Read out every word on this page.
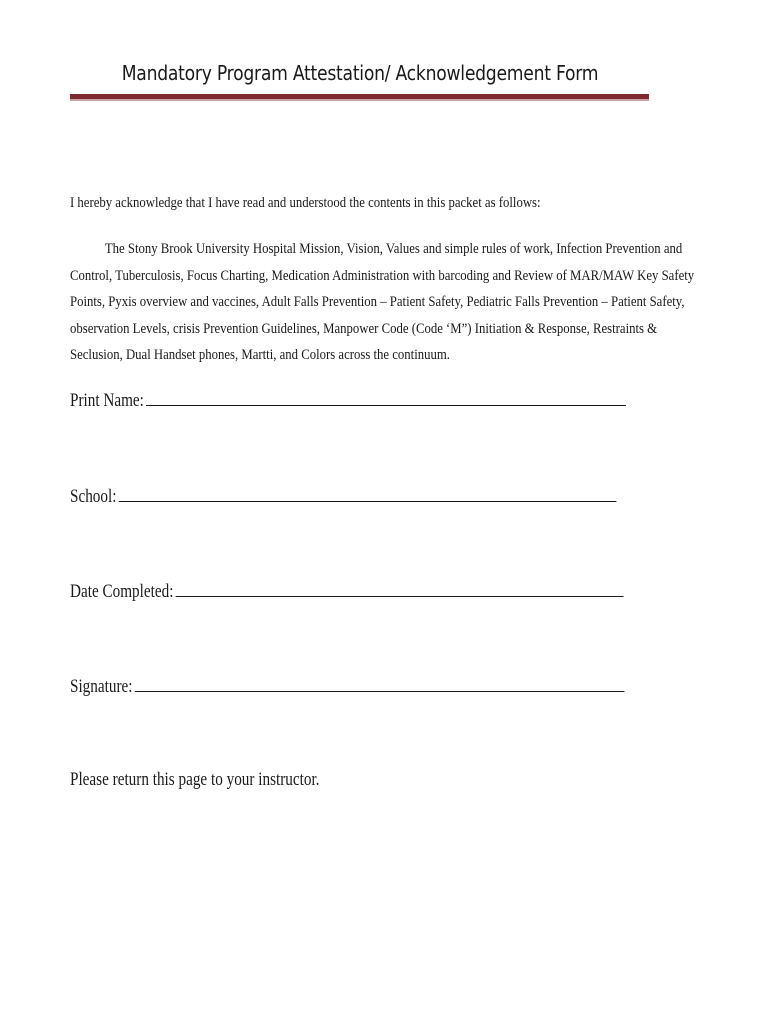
Mandatory Program Attestation/ Acknowledgement Form
I hereby acknowledge that I have read and understood the contents in this packet as follows:
The Stony Brook University Hospital Mission, Vision, Values and simple rules of work, Infection Prevention and
Control, Tuberculosis, Focus Charting, Medication Administration with barcoding and Review of MAR/MAW Key Safety
Points, Pyxis overview and vaccines, Adult Falls Prevention – Patient Safety, Pediatric Falls Prevention – Patient Safety,
observation Levels, crisis Prevention Guidelines, Manpower Code (Code ‘M”) Initiation & Response, Restraints &
Seclusion, Dual Handset phones, Martti, and Colors across the continuum.
Print Name:
School:
Date Completed:
Signature:
Please return this page to your instructor.
